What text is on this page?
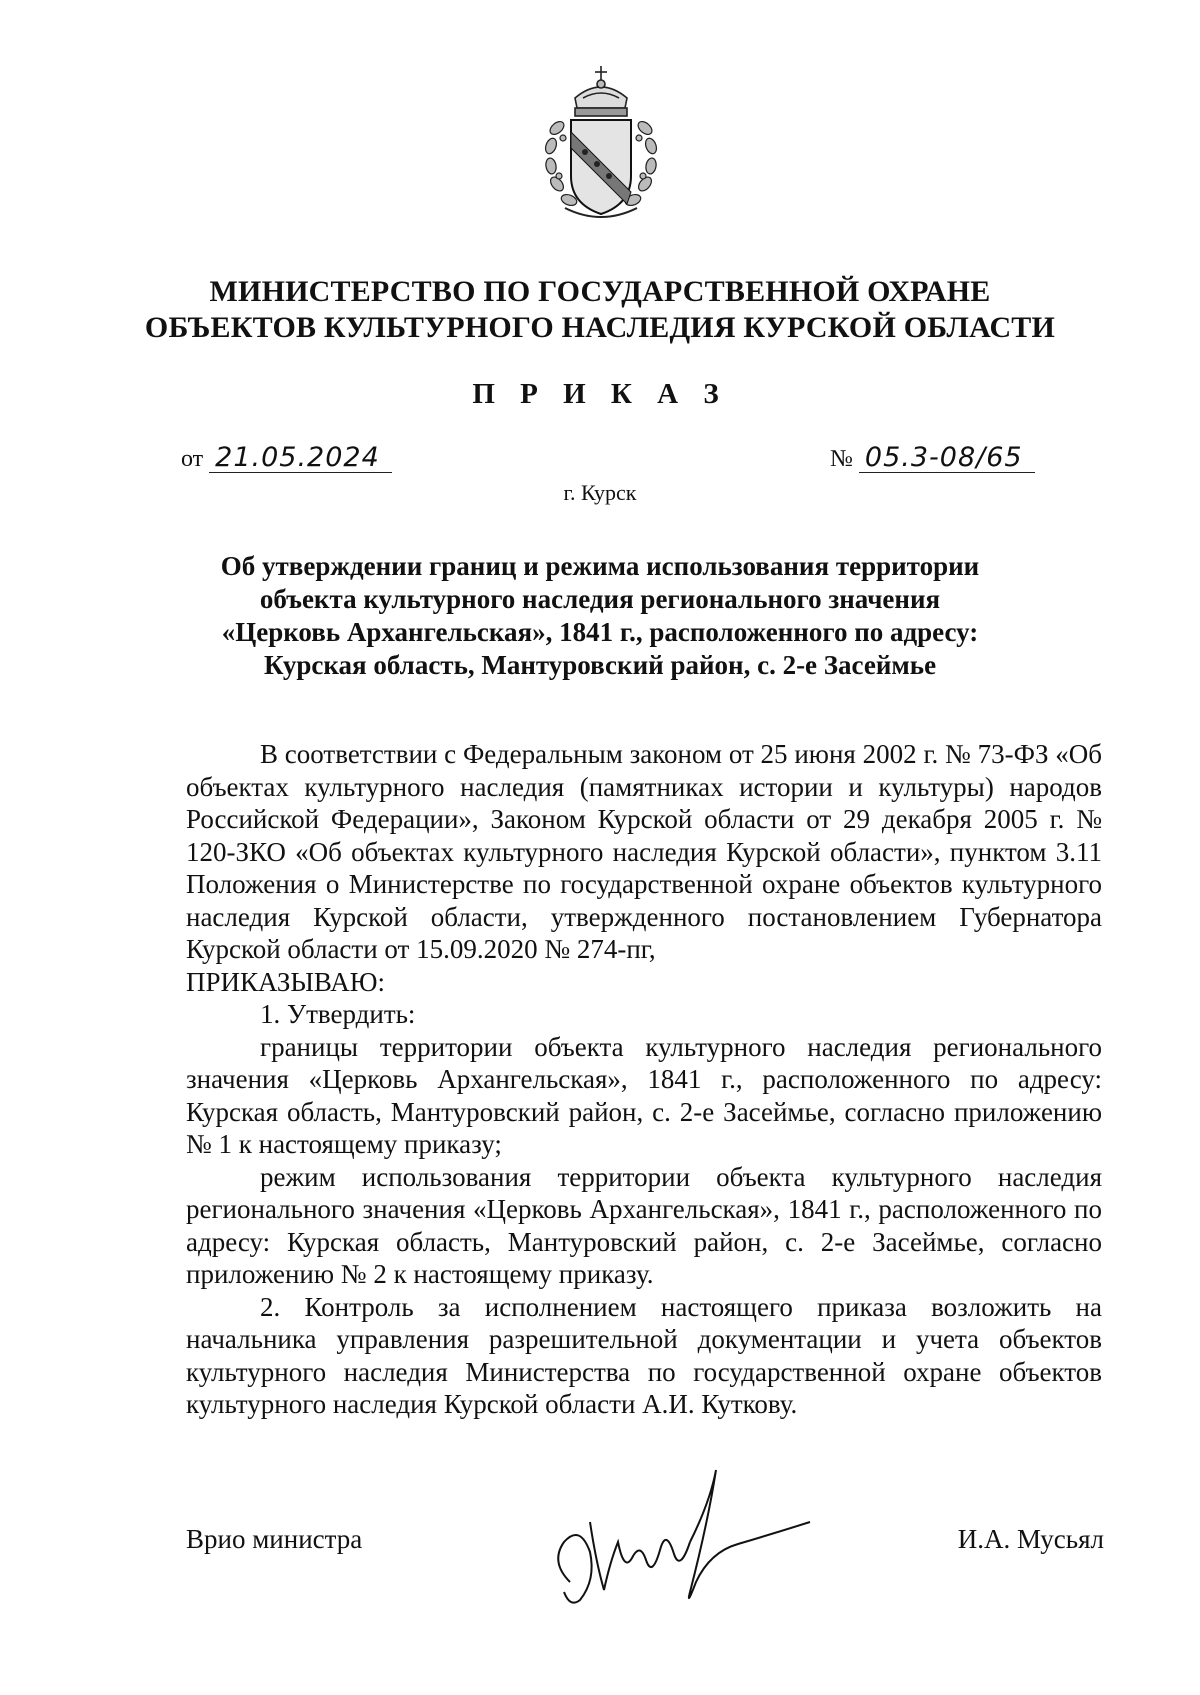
МИНИСТЕРСТВО ПО ГОСУДАРСТВЕННОЙ ОХРАНЕ
ОБЪЕКТОВ КУЛЬТУРНОГО НАСЛЕДИЯ КУРСКОЙ ОБЛАСТИ
П Р И К А З
от 21.05.2024	№ 05.3-08/65
г. Курск
Об утверждении границ и режима использования территории
объекта культурного наследия регионального значения
«Церковь Архангельская», 1841 г., расположенного по адресу:
Курская область, Мантуровский район, с. 2-е Засеймье

В соответствии с Федеральным законом от 25 июня 2002 г. № 73-ФЗ «Об объектах культурного наследия (памятниках истории и культуры) народов Российской Федерации», Законом Курской области от 29 декабря 2005 г. № 120-ЗКО «Об объектах культурного наследия Курской области», пунктом 3.11 Положения о Министерстве по государственной охране объектов культурного наследия Курской области, утвержденного постановлением Губернатора Курской области от 15.09.2020 № 274-пг,

ПРИКАЗЫВАЮ:

1. Утвердить:

границы территории объекта культурного наследия регионального значения «Церковь Архангельская», 1841 г., расположенного по адресу: Курская область, Мантуровский район, с. 2-е Засеймье, согласно приложению № 1 к настоящему приказу;

режим использования территории объекта культурного наследия регионального значения «Церковь Архангельская», 1841 г., расположенного по адресу: Курская область, Мантуровский район, с. 2-е Засеймье, согласно приложению № 2 к настоящему приказу.

2. Контроль за исполнением настоящего приказа возложить на начальника управления разрешительной документации и учета объектов культурного наследия Министерства по государственной охране объектов культурного наследия Курской области А.И. Куткову.

Врио министра	И.А. Мусьял
